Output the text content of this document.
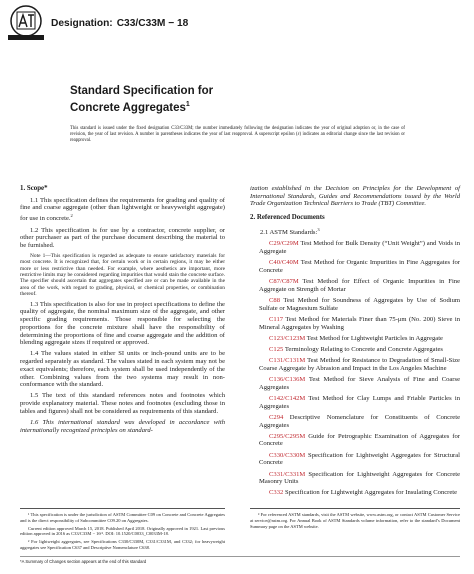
Designation: C33/C33M − 18
Standard Specification for
Concrete Aggregates$^1$
This standard is issued under the fixed designation C33/C33M; the number immediately following the designation indicates the year of original adoption or, in the case of revision, the year of last revision. A number in parentheses indicates the year of last reapproval. A superscript epsilon (ε) indicates an editorial change since the last revision or reapproval.
1. Scope*

1.1 This specification defines the requirements for grading and quality of fine and coarse aggregate (other than lightweight or heavyweight aggregate) for use in concrete.$^2$

1.2 This specification is for use by a contractor, concrete supplier, or other purchaser as part of the purchase document describing the material to be furnished.

Note 1—This specification is regarded as adequate to ensure satisfactory materials for most concrete. It is recognized that, for certain work or in certain regions, it may be either more or less restrictive than needed. For example, where aesthetics are important, more restrictive limits may be considered regarding impurities that would stain the concrete surface. The specifier should ascertain that aggregates specified are or can be made available in the area of the work, with regard to grading, physical, or chemical properties, or combination thereof.

1.3 This specification is also for use in project specifications to define the quality of aggregate, the nominal maximum size of the aggregate, and other specific grading requirements. Those responsible for selecting the proportions for the concrete mixture shall have the responsibility of determining the proportions of fine and coarse aggregate and the addition of blending aggregate sizes if required or approved.

1.4 The values stated in either SI units or inch-pound units are to be regarded separately as standard. The values stated in each system may not be exact equivalents; therefore, each system shall be used independently of the other. Combining values from the two systems may result in non-conformance with the standard.

1.5 The text of this standard references notes and footnotes which provide explanatory material. These notes and footnotes (excluding those in tables and figures) shall not be considered as requirements of this standard.

1.6 This international standard was developed in accordance with internationally recognized principles on standard-

ization established in the Decision on Principles for the Development of International Standards, Guides and Recommendations issued by the World Trade Organization Technical Barriers to Trade (TBT) Committee.

2. Referenced Documents

2.1 ASTM Standards:$^3$

C29/C29M Test Method for Bulk Density (“Unit Weight”) and Voids in Aggregate

C40/C40M Test Method for Organic Impurities in Fine Aggregates for Concrete

C87/C87M Test Method for Effect of Organic Impurities in Fine Aggregate on Strength of Mortar

C88 Test Method for Soundness of Aggregates by Use of Sodium Sulfate or Magnesium Sulfate

C117 Test Method for Materials Finer than 75-μm (No. 200) Sieve in Mineral Aggregates by Washing

C123/C123M Test Method for Lightweight Particles in Aggregate

C125 Terminology Relating to Concrete and Concrete Aggregates

C131/C131M Test Method for Resistance to Degradation of Small-Size Coarse Aggregate by Abrasion and Impact in the Los Angeles Machine

C136/C136M Test Method for Sieve Analysis of Fine and Coarse Aggregates

C142/C142M Test Method for Clay Lumps and Friable Particles in Aggregates

C294 Descriptive Nomenclature for Constituents of Concrete Aggregates

C295/C295M Guide for Petrographic Examination of Aggregates for Concrete

C330/C330M Specification for Lightweight Aggregates for Structural Concrete

C331/C331M Specification for Lightweight Aggregates for Concrete Masonry Units

C332 Specification for Lightweight Aggregates for Insulating Concrete

¹ This specification is under the jurisdiction of ASTM Committee C09 on Concrete and Concrete Aggregates and is the direct responsibility of Subcommittee C09.20 on Aggregates.

Current edition approved March 15, 2018. Published April 2018. Originally approved in 1921. Last previous edition approved in 2016 as C33/C33M − 16ᵉ¹. DOI: 10.1520/C0033_C0033M-18.

² For lightweight aggregates, see Specifications C330/C330M, C331/C331M, and C332; for heavyweight aggregates see Specification C637 and Descriptive Nomenclature C638.

³ For referenced ASTM standards, visit the ASTM website, www.astm.org, or contact ASTM Customer Service at service@astm.org. For Annual Book of ASTM Standards volume information, refer to the standard’s Document Summary page on the ASTM website.

*A Summary of Changes section appears at the end of this standard
